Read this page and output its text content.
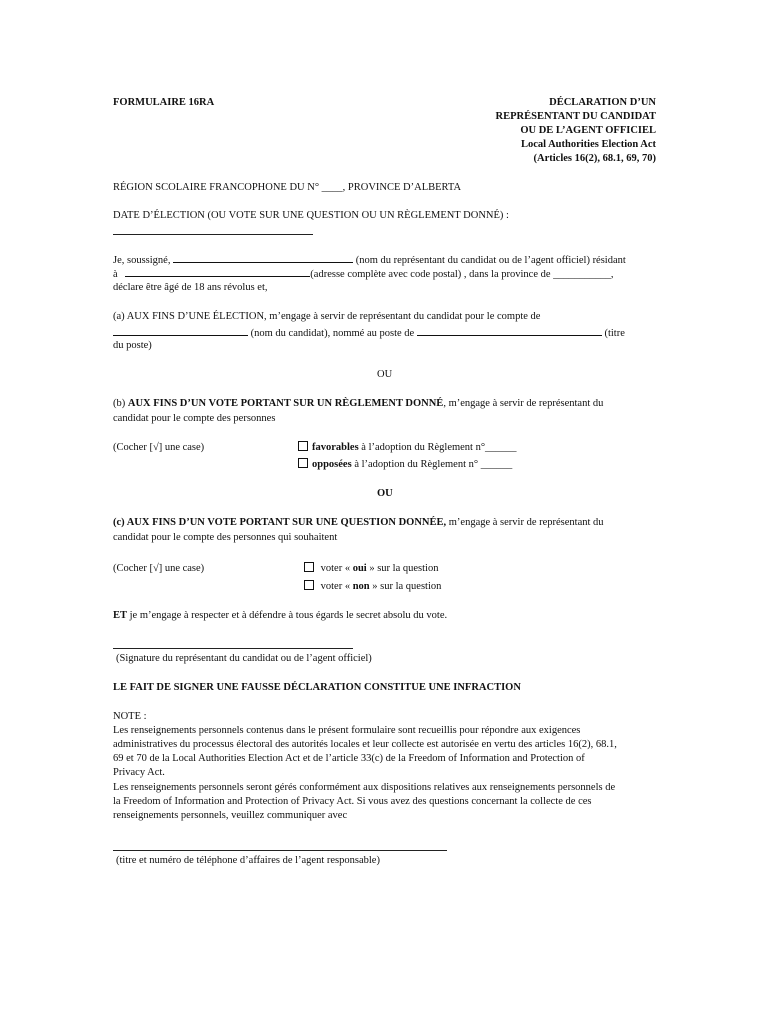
FORMULAIRE 16RA	DÉCLARATION D’UN
REPRÉSENTANT DU CANDIDAT
OU DE L’AGENT OFFICIEL
Local Authorities Election Act
(Articles 16(2), 68.1, 69, 70)
RÉGION SCOLAIRE FRANCOPHONE DU N° ____, PROVINCE D’ALBERTA
DATE D’ÉLECTION (OU VOTE SUR UNE QUESTION OU UN RÈGLEMENT DONNÉ) :
Je, soussigné,	(nom du représentant du candidat ou de l’agent officiel) résidant
à	(adresse complète avec code postal) , dans la province de ___________,
déclare être âgé de 18 ans révolus et,
(a) AUX FINS D’UNE ÉLECTION, m’engage à servir de représentant du candidat pour le compte de
(nom du candidat), nommé au poste de	(titre
du poste)
OU
(b) AUX FINS D’UN VOTE PORTANT SUR UN RÈGLEMENT DONNÉ, m’engage à servir de représentant du
candidat pour le compte des personnes
(Cocher [√] une case)	favorables à l’adoption du Règlement n°______
opposées à l’adoption du Règlement n° ______
OU
(c) AUX FINS D’UN VOTE PORTANT SUR UNE QUESTION DONNÉE, m’engage à servir de représentant du
candidat pour le compte des personnes qui souhaitent
(Cocher [√] une case)	voter « oui » sur la question
voter « non » sur la question
ET je m’engage à respecter et à défendre à tous égards le secret absolu du vote.
(Signature du représentant du candidat ou de l’agent officiel)
LE FAIT DE SIGNER UNE FAUSSE DÉCLARATION CONSTITUE UNE INFRACTION
NOTE :
Les renseignements personnels contenus dans le présent formulaire sont recueillis pour répondre aux exigences
administratives du processus électoral des autorités locales et leur collecte est autorisée en vertu des articles 16(2), 68.1,
69 et 70 de la Local Authorities Election Act et de l’article 33(c) de la Freedom of Information and Protection of
Privacy Act.
Les renseignements personnels seront gérés conformément aux dispositions relatives aux renseignements personnels de
la Freedom of Information and Protection of Privacy Act. Si vous avez des questions concernant la collecte de ces
renseignements personnels, veuillez communiquer avec
(titre et numéro de téléphone d’affaires de l’agent responsable)
